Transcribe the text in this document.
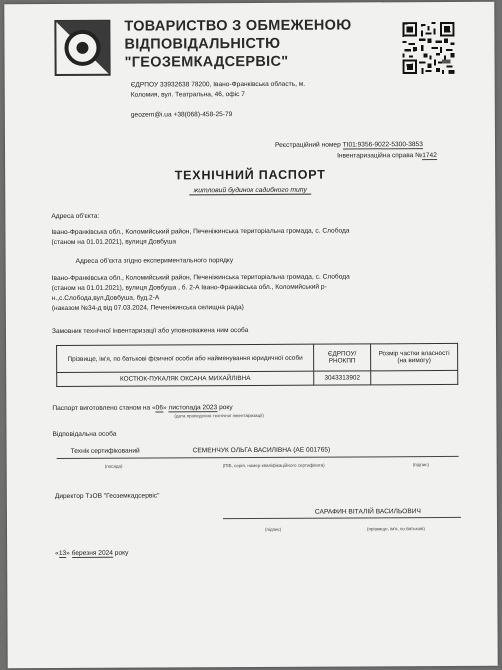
ТОВАРИСТВО З ОБМЕЖЕНОЮ
ВІДПОВІДАЛЬНІСТЮ
"ГЕОЗЕМКАДСЕРВІС"
ЄДРПОУ 33932638 78200, Івано-Франківська область, м.
Коломия, вул. Театральна, 46, офіс 7
geozem@i.ua +38(068)-458-25-79
Реєстраційний номер TI01:9356-9022-5300-3853
Інвентаризаційна справа №1742
ТЕХНІЧНИЙ ПАСПОРТ
житловий будинок садибного типу
Адреса об'єкта:
Івано-Франківська обл., Коломийський район, Печеніжинська територіальна громада, с. Слобода
(станом на 01.01.2021), вулиця Довбуша
Адреса об'єкта згідно експериментального порядку
Івано-Франківська обл., Коломийський район, Печеніжинська територіальна громада, с. Слобода
(станом на 01.01.2021), вулиця Довбуша , б. 2-А Івано-Франківська обл., Коломийський р-
н.,с.Слобода,вул.Довбуша, буд.2-А
(наказом №34-д від 07.03.2024, Печеніжинська селищна рада)
Замовник технічної інвентаризації або уповноважена ним особа
Прізвище, ім'я, по батькові фізичної особи або найменування юридичної особи	ЄДРПОУ/ РНОКПП	Розмір частки власності (на вимогу)
КОСТЮК-ПУКАЛЯК ОКСАНА МИХАЙЛІВНА	3043313902	
Паспорт виготовлено станом на «06» листопада 2023 року
(дата проведення технічної інвентаризації)
Відповідальна особа
Технік сертифікований	СЕМЕНЧУК ОЛЬГА ВАСИЛІВНА (АЕ 001765)
(посада)	(ПІБ, серія, номер кваліфікаційного сертифіката)	(підпис)
Директор ТзОВ "Геоземкадсервіс"
САРАФИН ВІТАЛІЙ ВАСИЛЬОВИЧ
(підпис)	(прізвище, ім'я, по батькові)
«13» березня 2024 року
